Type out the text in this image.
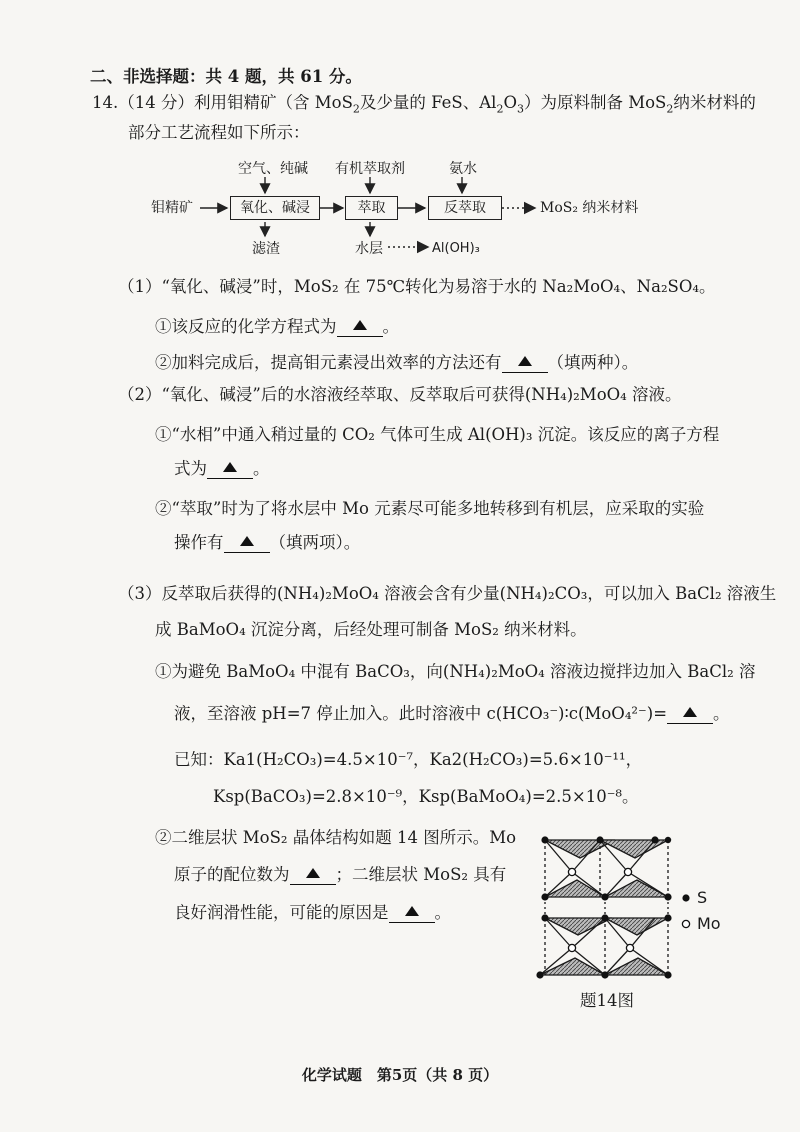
二、非选择题：共 4 题，共 61 分。
14.（14 分）利用钼精矿（含 MoS$_2$及少量的 FeS、$Al_2O_3$）为原料制备 MoS$_2$纳米材料的
部分工艺流程如下所示：
空气、纯碱 有机萃取剂	氨水
钼精矿	氧化、碱浸	萃取	反萃取	MoS₂ 纳米材料
滤渣	水层	Al(OH)₃
（1）“氧化、碱浸”时，MoS₂ 在 75℃转化为易溶于水的 Na₂MoO₄、Na₂SO₄。
①该反应的化学方程式为	。
②加料完成后，提高钼元素浸出效率的方法还有	（填两种）。
（2）“氧化、碱浸”后的水溶液经萃取、反萃取后可获得(NH₄)₂MoO₄ 溶液。
①“水相”中通入稍过量的 CO₂ 气体可生成 Al(OH)₃ 沉淀。该反应的离子方程
式为	。
②“萃取”时为了将水层中 Mo 元素尽可能多地转移到有机层，应采取的实验
操作有	（填两项）。
（3）反萃取后获得的(NH₄)₂MoO₄ 溶液会含有少量(NH₄)₂CO₃，可以加入 BaCl₂ 溶液生
成 BaMoO₄ 沉淀分离，后经处理可制备 MoS₂ 纳米材料。
①为避免 BaMoO₄ 中混有 BaCO₃，向(NH₄)₂MoO₄ 溶液边搅拌边加入 BaCl₂ 溶
液，至溶液 pH=7 停止加入。此时溶液中 c(HCO₃⁻)∶c(MoO₄²⁻)=	。
已知：Ka1(H₂CO₃)=4.5×10⁻⁷，Ka2(H₂CO₃)=5.6×10⁻¹¹，
Ksp(BaCO₃)=2.8×10⁻⁹，Ksp(BaMoO₄)=2.5×10⁻⁸。
②二维层状 MoS₂ 晶体结构如题 14 图所示。Mo
原子的配位数为	；二维层状 MoS₂ 具有
良好润滑性能，可能的原因是	。
S
Mo
题14图
化学试题　第5页（共 8 页）
